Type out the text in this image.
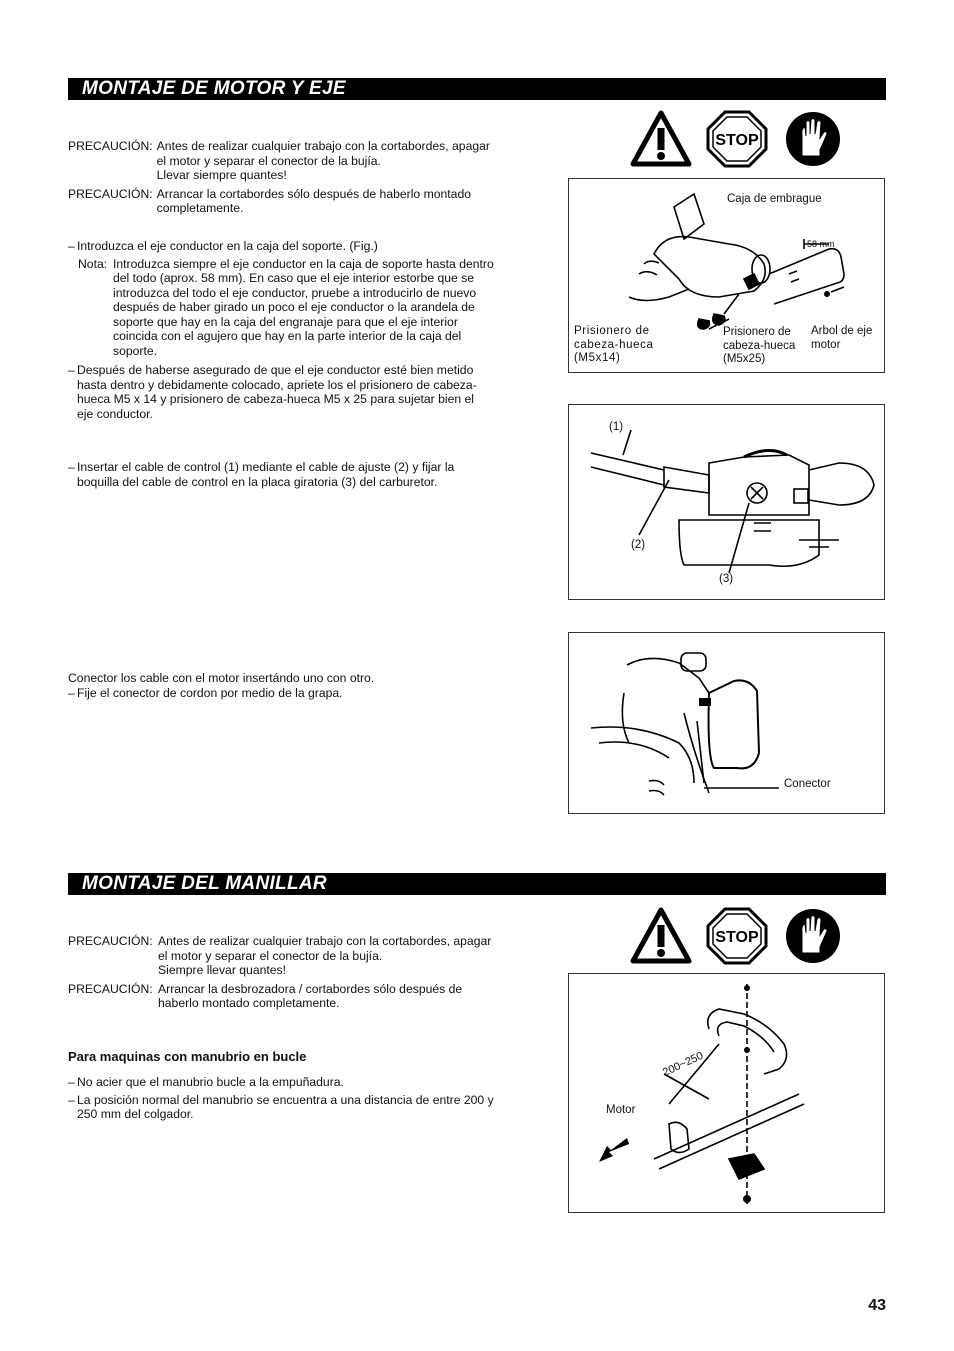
MONTAJE DE MOTOR Y EJE
PRECAUCIÓN: Antes de realizar cualquier trabajo con la cortabordes, apagar
el motor y separar el conector de la bujía.
Llevar siempre quantes!
PRECAUCIÓN: Arrancar la cortabordes sólo después de haberlo montado
completamente.
– Introduzca el eje conductor en la caja del soporte. (Fig.)
Nota: Introduzca siempre el eje conductor en la caja de soporte hasta dentro
del todo (aprox. 58 mm). En caso que el eje interior estorbe que se
introduzca del todo el eje conductor, pruebe a introducirlo de nuevo
después de haber girado un poco el eje conductor o la arandela de
soporte que hay en la caja del engranaje para que el eje interior
coincida con el agujero que hay en la parte interior de la caja del
soporte.
– Después de haberse asegurado de que el eje conductor esté bien metido
hasta dentro y debidamente colocado, apriete los el prisionero de cabeza-
hueca M5 x 14 y prisionero de cabeza-hueca M5 x 25 para sujetar bien el
eje conductor.
– Insertar el cable de control (1) mediante el cable de ajuste (2) y fijar la
boquilla del cable de control en la placa giratoria (3) del carburetor.
Conector los cable con el motor insertándo uno con otro.
– Fije el conector de cordon por medio de la grapa.
STOP
Caja de embrague
58 mm
Prisionero de
cabeza-hueca
(M5x14)
Prisionero de
cabeza-hueca
(M5x25)
Arbol de eje
motor
(1)
(2)
(3)
Conector
MONTAJE DEL MANILLAR
PRECAUCIÓN: Antes de realizar cualquier trabajo con la cortabordes, apagar
el motor y separar el conector de la bujía.
Siempre llevar quantes!
PRECAUCIÓN: Arrancar la desbrozadora / cortabordes sólo después de
haberlo montado completamente.
Para maquinas con manubrio en bucle
– No acier que el manubrio bucle a la empuñadura.
– La posición normal del manubrio se encuentra a una distancia de entre 200 y
250 mm del colgador.
STOP
Motor
200~250
43
